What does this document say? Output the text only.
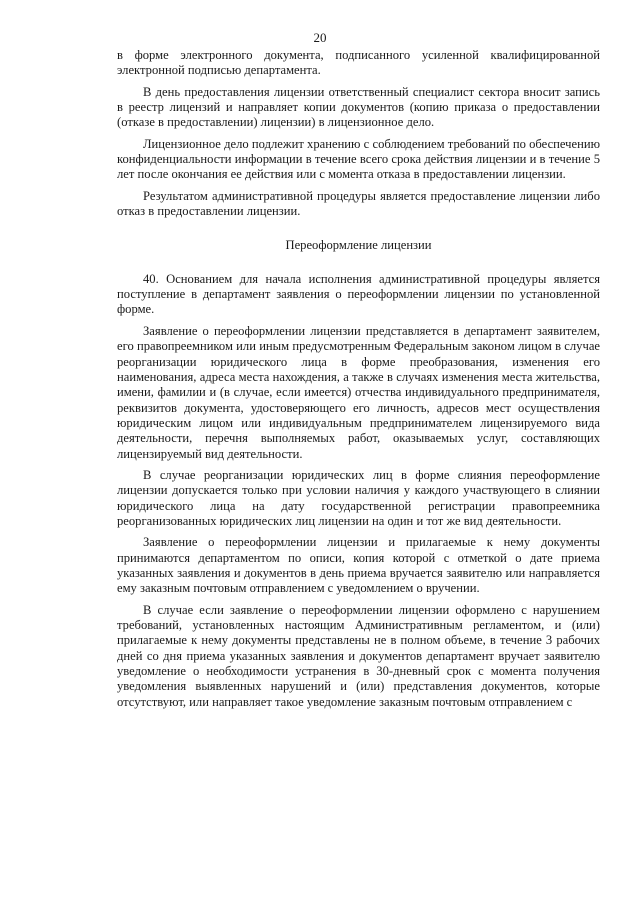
20

в форме электронного документа, подписанного усиленной квалифицированной электронной подписью департамента.

В день предоставления лицензии ответственный специалист сектора вносит запись в реестр лицензий и направляет копии документов (копию приказа о предоставлении (отказе в предоставлении) лицензии) в лицензионное дело.

Лицензионное дело подлежит хранению с соблюдением требований по обеспечению конфиденциальности информации в течение всего срока действия лицензии и в течение 5 лет после окончания ее действия или с момента отказа в предоставлении лицензии.

Результатом административной процедуры является предоставление лицензии либо отказ в предоставлении лицензии.

Переоформление лицензии

40. Основанием для начала исполнения административной процедуры является поступление в департамент заявления о переоформлении лицензии по установленной форме.

Заявление о переоформлении лицензии представляется в департамент заявителем, его правопреемником или иным предусмотренным Федеральным законом лицом в случае реорганизации юридического лица в форме преобразования, изменения его наименования, адреса места нахождения, а также в случаях изменения места жительства, имени, фамилии и (в случае, если имеется) отчества индивидуального предпринимателя, реквизитов документа, удостоверяющего его личность, адресов мест осуществления юридическим лицом или индивидуальным предпринимателем лицензируемого вида деятельности, перечня выполняемых работ, оказываемых услуг, составляющих лицензируемый вид деятельности.

В случае реорганизации юридических лиц в форме слияния переоформление лицензии допускается только при условии наличия у каждого участвующего в слиянии юридического лица на дату государственной регистрации правопреемника реорганизованных юридических лиц лицензии на один и тот же вид деятельности.

Заявление о переоформлении лицензии и прилагаемые к нему документы принимаются департаментом по описи, копия которой с отметкой о дате приема указанных заявления и документов в день приема вручается заявителю или направляется ему заказным почтовым отправлением с уведомлением о вручении.

В случае если заявление о переоформлении лицензии оформлено с нарушением требований, установленных настоящим Административным регламентом, и (или) прилагаемые к нему документы представлены не в полном объеме, в течение 3 рабочих дней со дня приема указанных заявления и документов департамент вручает заявителю уведомление о необходимости устранения в 30-дневный срок с момента получения уведомления выявленных нарушений и (или) представления документов, которые отсутствуют, или направляет такое уведомление заказным почтовым отправлением с
